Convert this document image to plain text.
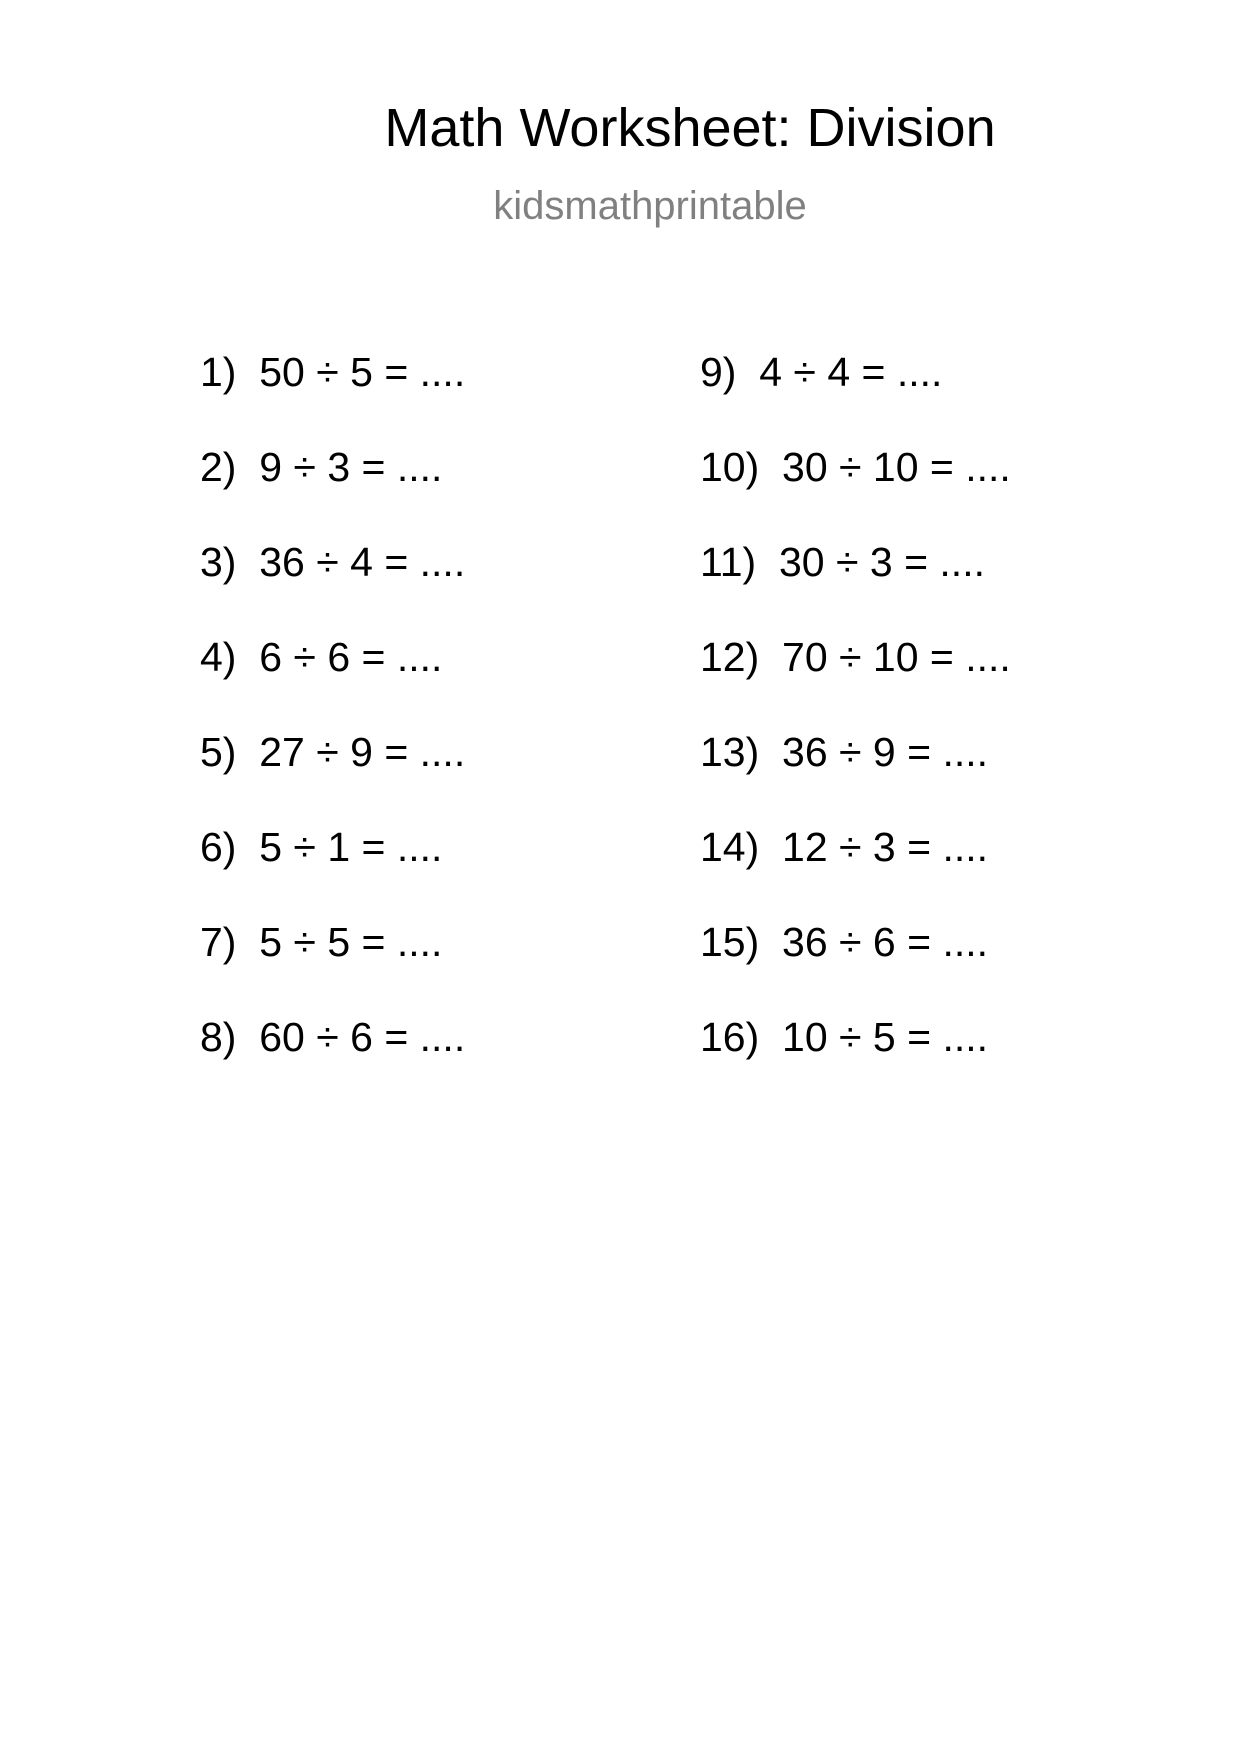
Math Worksheet: Division
kidsmathprintable
1)  50 ÷ 5 = ....
2)  9 ÷ 3 = ....
3)  36 ÷ 4 = ....
4)  6 ÷ 6 = ....
5)  27 ÷ 9 = ....
6)  5 ÷ 1 = ....
7)  5 ÷ 5 = ....
8)  60 ÷ 6 = ....
9)  4 ÷ 4 = ....
10)  30 ÷ 10 = ....
11)  30 ÷ 3 = ....
12)  70 ÷ 10 = ....
13)  36 ÷ 9 = ....
14)  12 ÷ 3 = ....
15)  36 ÷ 6 = ....
16)  10 ÷ 5 = ....
